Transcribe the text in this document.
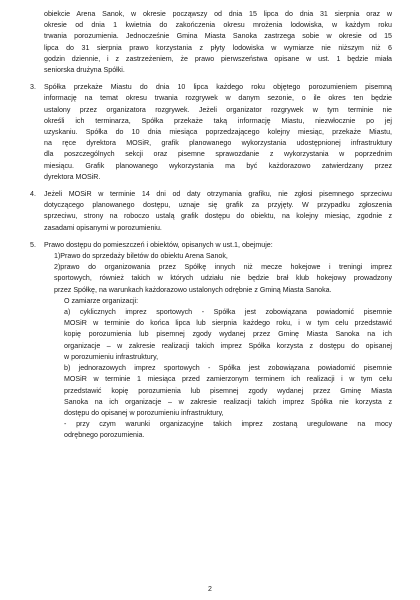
obiekcie Arena Sanok, w okresie począwszy od dnia 15 lipca do dnia 31 sierpnia oraz w
okresie od dnia 1 kwietnia do zakończenia okresu mrożenia lodowiska, w każdym roku
trwania porozumienia. Jednocześnie Gmina Miasta Sanoka zastrzega sobie w okresie od 15
lipca do 31 sierpnia prawo korzystania z płyty lodowiska w wymiarze nie niższym niż 6
godzin dziennie, i z zastrzeżeniem, że prawo pierwszeństwa opisane w ust. 1 będzie miała
seniorska drużyna Spółki.
3. Spółka przekaże Miastu do dnia 10 lipca każdego roku objętego porozumieniem pisemną
informację na temat okresu trwania rozgrywek w danym sezonie, o ile okres ten będzie
ustalony przez organizatora rozgrywek. Jeżeli organizator rozgrywek w tym terminie nie
określi ich terminarza, Spółka przekaże taką informację Miastu, niezwłocznie po jej
uzyskaniu. Spółka do 10 dnia miesiąca poprzedzającego kolejny miesiąc, przekaże Miastu,
na ręce dyrektora MOSiR, grafik planowanego wykorzystania udostępnionej infrastruktury
dla poszczególnych sekcji oraz pisemne sprawozdanie z wykorzystania w poprzednim
miesiącu. Grafik planowanego wykorzystania ma być każdorazowo zatwierdzany przez
dyrektora MOSiR.
4. Jeżeli MOSiR w terminie 14 dni od daty otrzymania grafiku, nie zgłosi pisemnego sprzeciwu
dotyczącego planowanego dostępu, uznaje się grafik za przyjęty. W przypadku zgłoszenia
sprzeciwu, strony na roboczo ustalą grafik dostępu do obiektu, na kolejny miesiąc, zgodnie z
zasadami opisanymi w porozumieniu.
5. Prawo dostępu do pomieszczeń i obiektów, opisanych w ust.1, obejmuje:
1)Prawo do sprzedaży biletów do obiektu Arena Sanok,
2)prawo do organizowania przez Spółkę innych niż mecze hokejowe i treningi imprez
sportowych, również takich w których udziału nie będzie brał klub hokejowy prowadzony
przez Spółkę, na warunkach każdorazowo ustalonych odrębnie z Gminą Miasta Sanoka.
O zamiarze organizacji:
a) cyklicznych imprez sportowych - Spółka jest zobowiązana powiadomić pisemnie
MOSiR w terminie do końca lipca lub sierpnia każdego roku, i w tym celu przedstawić
kopię porozumienia lub pisemnej zgody wydanej przez Gminę Miasta Sanoka na ich
organizacje – w zakresie realizacji takich imprez Spółka korzysta z dostępu do opisanej
w porozumieniu infrastruktury,
b) jednorazowych imprez sportowych - Spółka jest zobowiązana powiadomić pisemnie
MOSiR w terminie 1 miesiąca przed zamierzonym terminem ich realizacji i w tym celu
przedstawić kopię porozumienia lub pisemnej zgody wydanej przez Gminę Miasta
Sanoka na ich organizacje – w zakresie realizacji takich imprez Spółka nie korzysta z
dostępu do opisanej w porozumieniu infrastruktury,
- przy czym warunki organizacyjne takich imprez zostaną uregulowane na mocy
odrębnego porozumienia.
2
